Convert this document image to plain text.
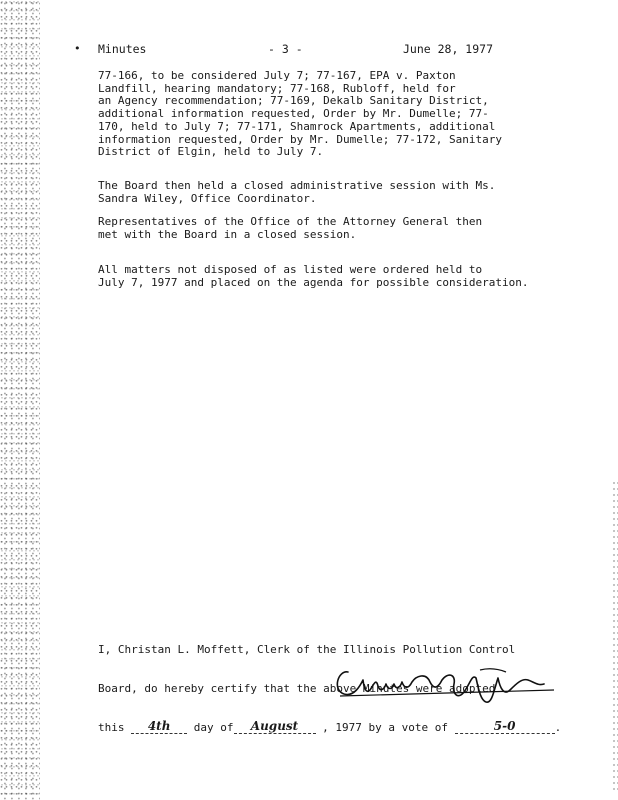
• Minutes	- 3 -	June 28, 1977
77-166, to be considered July 7; 77-167, EPA v. Paxton
Landfill, hearing mandatory; 77-168, Rubloff, held for
an Agency recommendation; 77-169, Dekalb Sanitary District,
additional information requested, Order by Mr. Dumelle; 77-
170, held to July 7; 77-171, Shamrock Apartments, additional
information requested, Order by Mr. Dumelle; 77-172, Sanitary
District of Elgin, held to July 7.
The Board then held a closed administrative session with Ms.
Sandra Wiley, Office Coordinator.
Representatives of the Office of the Attorney General then
met with the Board in a closed session.
All matters not disposed of as listed were ordered held to
July 7, 1977 and placed on the agenda for possible consideration.

I, Christan L. Moffett, Clerk of the Illinois Pollution Control

Board, do hereby certify that the above Minutes were adopted

this	4th	day of	August	, 1977 by a vote of	5-0	.
